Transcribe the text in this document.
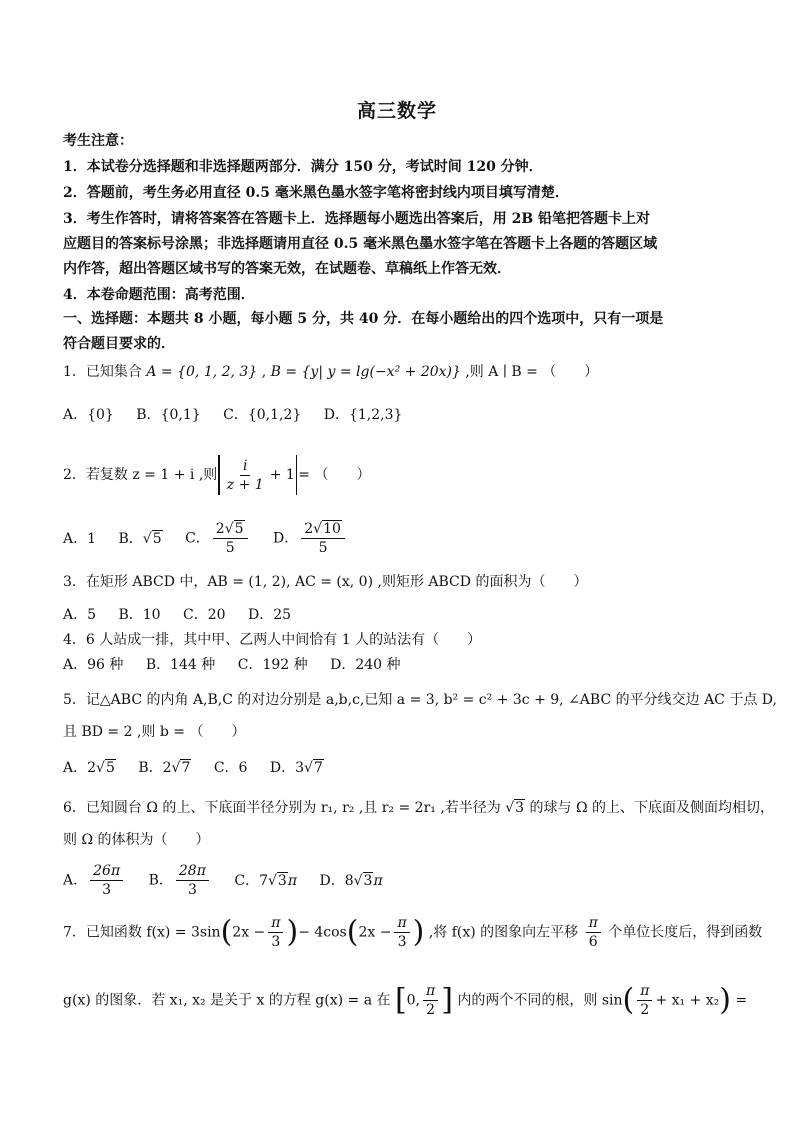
高三数学
考生注意：
1．本试卷分选择题和非选择题两部分．满分 150 分，考试时间 120 分钟．
2．答题前，考生务必用直径 0.5 毫米黑色墨水签字笔将密封线内项目填写清楚．
3．考生作答时，请将答案答在答题卡上．选择题每小题选出答案后，用 2B 铅笔把答题卡上对
应题目的答案标号涂黑；非选择题请用直径 0.5 毫米黑色墨水签字笔在答题卡上各题的答题区域
内作答，超出答题区域书写的答案无效，在试题卷、草稿纸上作答无效．
4．本卷命题范围：高考范围．
一、选择题：本题共 8 小题，每小题 5 分，共 40 分．在每小题给出的四个选项中，只有一项是
符合题目要求的．
1．已知集合 A = {0, 1, 2, 3} , B = {y| y = lg(−x² + 20x)} ,则 A ∣ B = （　　）
A．{0} B．{0,1} C．{0,1,2} D．{1,2,3}
2．若复数 z = 1 + i ,则 $\frac{i}{z + 1} + 1$ = （　　）
A．1 B．√5 C． $\frac{2√5}{5}$ D． $\frac{2√10}{5}$
3．在矩形 ABCD 中，AB = (1, 2), AC = (x, 0) ,则矩形 ABCD 的面积为（　　）
A．5 B．10 C．20 D．25
4．6 人站成一排，其中甲、乙两人中间恰有 1 人的站法有（　　）
A．96 种 B．144 种 C．192 种 D．240 种
5．记△ABC 的内角 A,B,C 的对边分别是 a,b,c,已知 a = 3, b² = c² + 3c + 9, ∠ABC 的平分线交边 AC 于点 D,
且 BD = 2 ,则 b = （　　）
A．2√5 B．2√7 C．6 D．3√7
6．已知圆台 Ω 的上、下底面半径分别为 r₁, r₂ ,且 r₂ = 2r₁ ,若半径为 √3 的球与 Ω 的上、下底面及侧面均相切，
则 Ω 的体积为（　　）
A． $\frac{26\pi}{3}$ B． $\frac{28\pi}{3}$ C．7√3π D．8√3π
7．已知函数 $f(x) = 3\sin(2x - \frac{\pi}{3}$ )− $4\cos(2x - \frac{\pi}{3}$ ) ,将 f(x) 的图象向左平移 $\frac{\pi}{6}$ 个单位长度后，得到函数
g(x) 的图象．若 x₁, x₂ 是关于 x 的方程 g(x) = a 在 [0, $\frac{\pi}{2}$ ] 内的两个不同的根，则 $\sin( \frac{\pi}{2} + x_1 + x_2)$ =
